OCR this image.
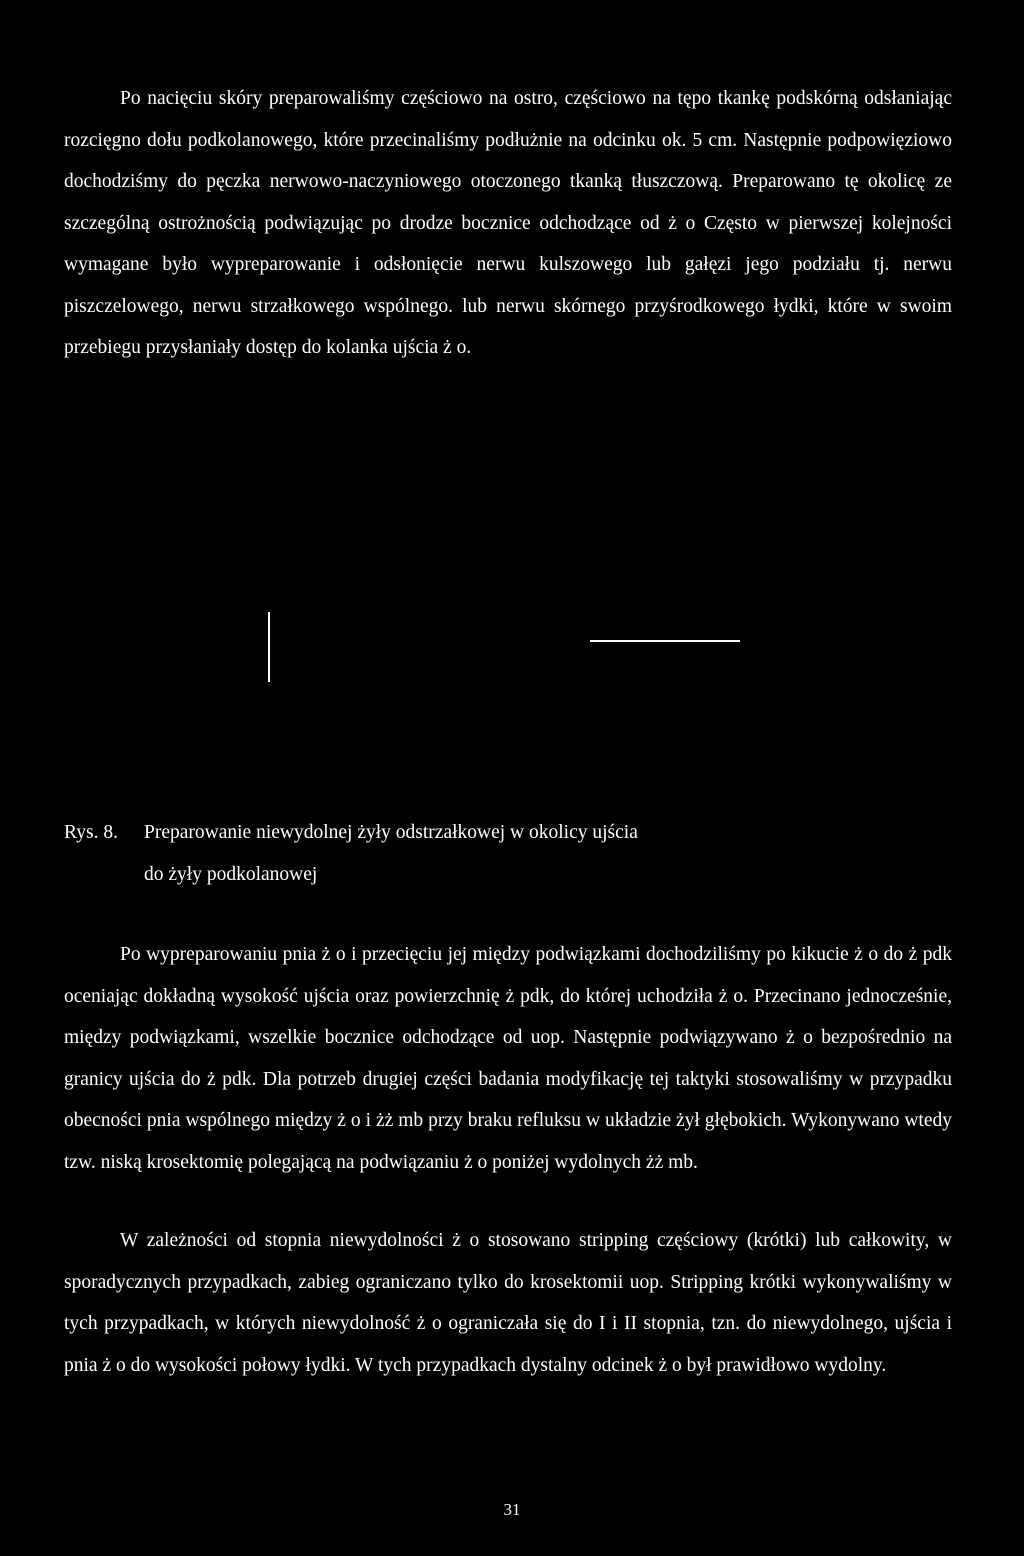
Po nacięciu skóry preparowaliśmy częściowo na ostro, częściowo na tępo tkankę podskórną odsłaniając rozcięgno dołu podkolanowego, które przecinaliśmy podłużnie na odcinku ok. 5 cm. Następnie podpowięziowo dochodziśmy do pęczka nerwowo-naczyniowego otoczonego tkanką tłuszczową. Preparowano tę okolicę ze szczególną ostrożnością podwiązując po drodze bocznice odchodzące od ż o Często w pierwszej kolejności wymagane było wypreparowanie i odsłonięcie nerwu kulszowego lub gałęzi jego podziału tj. nerwu piszczelowego, nerwu strzałkowego wspólnego. lub nerwu skórnego przyśrodkowego łydki, które w swoim przebiegu przysłaniały dostęp do kolanka ujścia ż o.

Rys. 8. Preparowanie niewydolnej żyły odstrzałkowej w okolicy ujścia
do żyły podkolanowej

Po wypreparowaniu pnia ż o i przecięciu jej między podwiązkami dochodziliśmy po kikucie ż o do ż pdk oceniając dokładną wysokość ujścia oraz powierzchnię ż pdk, do której uchodziła ż o. Przecinano jednocześnie, między podwiązkami, wszelkie bocznice odchodzące od uop. Następnie podwiązywano ż o bezpośrednio na granicy ujścia do ż pdk. Dla potrzeb drugiej części badania modyfikację tej taktyki stosowaliśmy w przypadku obecności pnia wspólnego między ż o i żż mb przy braku refluksu w układzie żył głębokich. Wykonywano wtedy tzw. niską krosektomię polegającą na podwiązaniu ż o poniżej wydolnych żż mb.

W zależności od stopnia niewydolności ż o stosowano stripping częściowy (krótki) lub całkowity, w sporadycznych przypadkach, zabieg ograniczano tylko do krosektomii uop. Stripping krótki wykonywaliśmy w tych przypadkach, w których niewydolność ż o ograniczała się do I i II stopnia, tzn. do niewydolnego, ujścia i pnia ż o do wysokości połowy łydki. W tych przypadkach dystalny odcinek ż o był prawidłowo wydolny.

31
